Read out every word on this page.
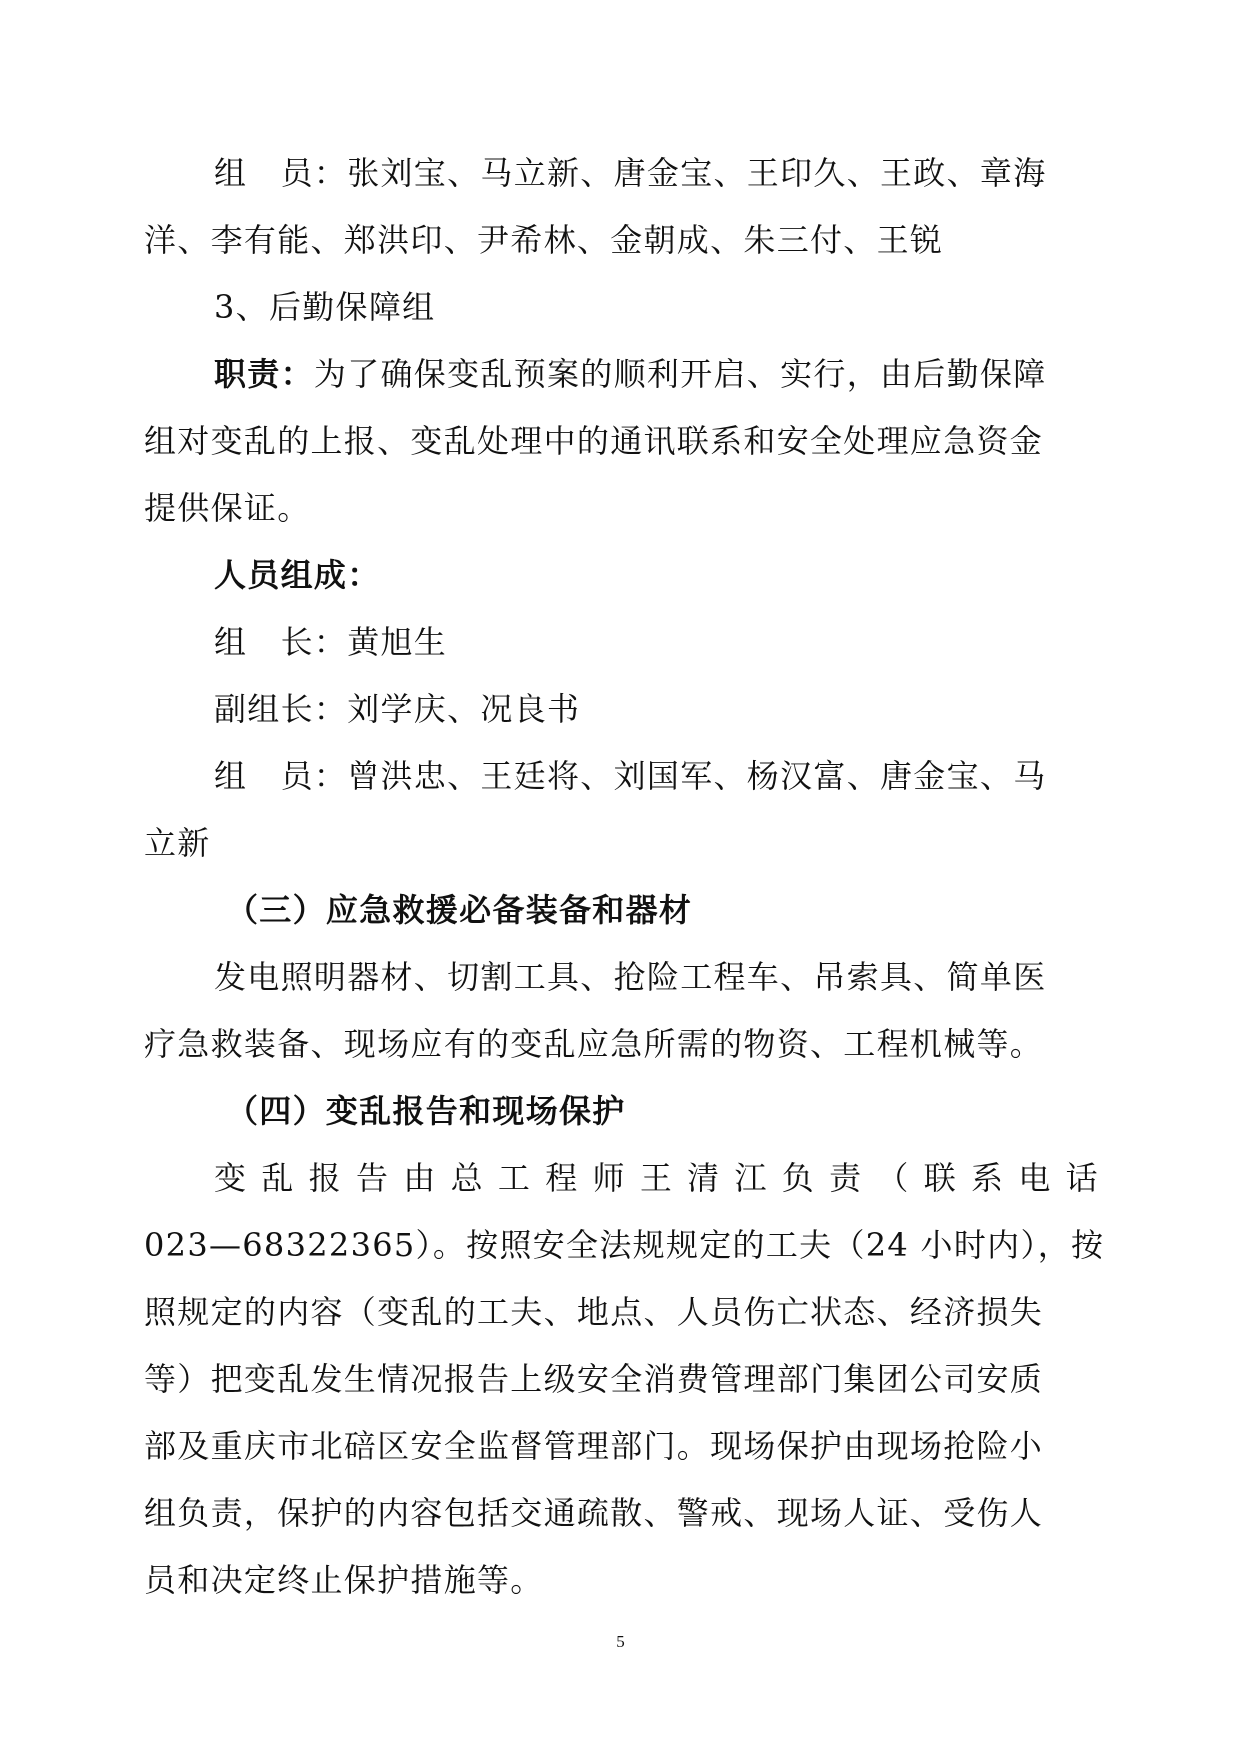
组　员：张刘宝、马立新、唐金宝、王印久、王政、章海
洋、李有能、郑洪印、尹希林、金朝成、朱三付、王锐
3、后勤保障组
职责：为了确保变乱预案的顺利开启、实行，由后勤保障
组对变乱的上报、变乱处理中的通讯联系和安全处理应急资金
提供保证。
人员组成：
组　长：黄旭生
副组长：刘学庆、况良书
组　员：曾洪忠、王廷将、刘国军、杨汉富、唐金宝、马
立新
（三）应急救援必备装备和器材
发电照明器材、切割工具、抢险工程车、吊索具、简单医
疗急救装备、现场应有的变乱应急所需的物资、工程机械等。
（四）变乱报告和现场保护
变 乱 报 告 由 总 工 程 师 王 清 江 负 责 （ 联 系 电 话
023—68322365）。按照安全法规规定的工夫（24 小时内），按
照规定的内容（变乱的工夫、地点、人员伤亡状态、经济损失
等）把变乱发生情况报告上级安全消费管理部门集团公司安质
部及重庆市北碚区安全监督管理部门。现场保护由现场抢险小
组负责，保护的内容包括交通疏散、警戒、现场人证、受伤人
员和决定终止保护措施等。
5
